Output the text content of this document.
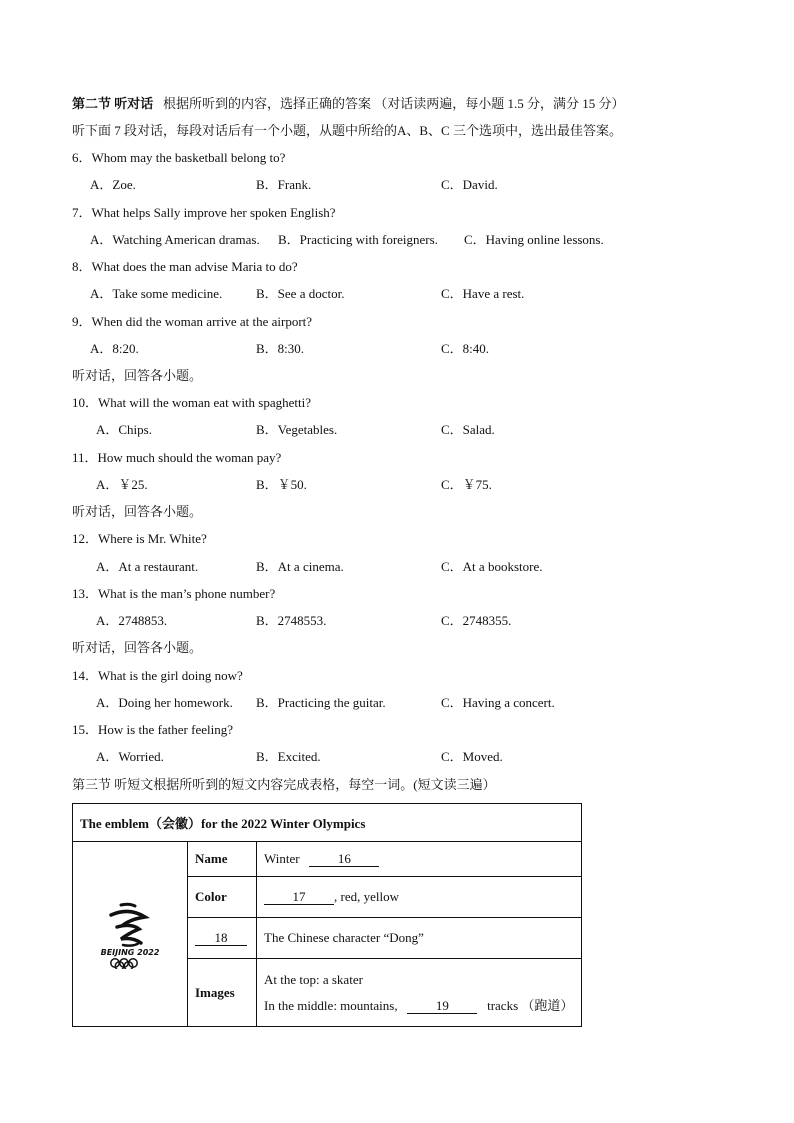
第二节 听对话 根据所听到的内容，选择正确的答案 （对话读两遍，每小题 1.5 分，满分 15 分）
听下面 7 段对话，每段对话后有一个小题，从题中所给的A、B、C 三个选项中，选出最佳答案。
6．Whom may the basketball belong to?
A．Zoe.	B．Frank.	C．David.
7．What helps Sally improve her spoken English?
A．Watching American dramas. B．Practicing with foreigners. C．Having online lessons.
8．What does the man advise Maria to do?
A．Take some medicine.	B．See a doctor.	C．Have a rest.
9．When did the woman arrive at the airport?
A．8:20.	B．8:30.	C．8:40.
听对话，回答各小题。
10．What will the woman eat with spaghetti?
A．Chips.	B．Vegetables.	C．Salad.
11．How much should the woman pay?
A．￥25.	B．￥50.	C．￥75.
听对话，回答各小题。
12．Where is Mr. White?
A．At a restaurant.	B．At a cinema.	C．At a bookstore.
13．What is the man’s phone number?
A．2748853.	B．2748553.	C．2748355.
听对话，回答各小题。
14．What is the girl doing now?
A．Doing her homework. B．Practicing the guitar.	C．Having a concert.
15．How is the father feeling?
A．Worried.	B．Excited.	C．Moved.
第三节 听短文根据所听到的短文内容完成表格，每空一词。(短文读三遍）
The emblem（会徽）for the 2022 Winter Olympics		

BEIJING 2022	Name	Winter 16
	Color	17 , red, yellow
	18	The Chinese character “Dong”
	Images	At the top: a skater
In the middle: mountains, 19 tracks （跑道）
